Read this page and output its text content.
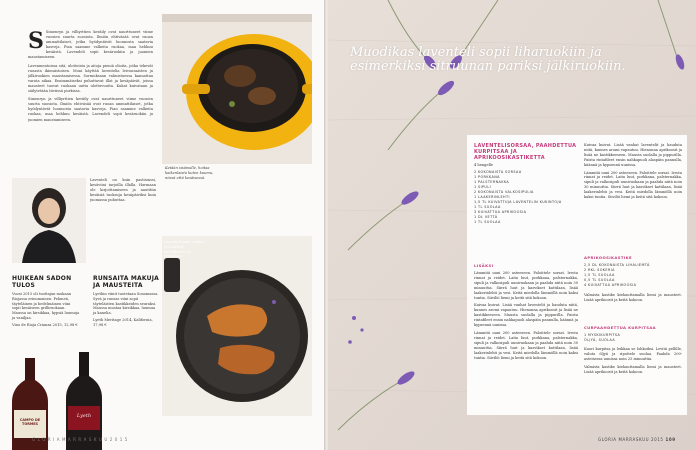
S Simenryn ja villiyrttien keräily ovat naurttuneet viime vuosien suurta suosiota. Ilmiön ehtiväsää ovat ruoan ammattilaiset, jotka hyödyntävät luonnosta saatavia kasveja. Pian saamme valkeita ruokaa, maa hehkuu kesäistä. Lavendeli sopii kesäruokiin ja juomien maustamiseen.

Lavenmentoissa sitä, ulotteista ja aitoja pieniä olioita, jotka tekevät ruoasta ikimuistoisen. Moni käyttää laventelia leivonnaisten ja jälkiruokien maustamisessa. Sormuksaan valmistuessa kannattaa varata aikaa. Ensimmäiseksi puhuttavat illat ja kesäpäivät, joissa mausteet tuovat ruokaan uutta ulottuvuutta. Kukat kuivataan ja säilytetään tiiviissä purkissa.

Simenryn ja villiyrttien keräily ovat naurttuneet viime vuosien suurta suosiota. Ilmiön ehtiväsää ovat ruoan ammattilaiset, jotka hyödyntävät luonnosta saatavia kasveja. Pian saamme valkeita ruokaa, maa hehkuu kesäistä. Lavendeli sopii kesäruokiin ja juomien maustamiseen.

Ketään sisämalle, hoitaa kaikenlaista kuten kuumu, niissä että kesäisessä.
Laventeli sopii ruokiin ja kesäisiin kastikkeisiin ja tarjoiluun.
Laventeli on kuin pastisinssi, kesäviini tarjoilla illalla. Harmaan ole kirjoittamiseen ja nautitiin kesäisiä tuoksuja kesäpäiviksi kuin juomassa puhuttaa.
HUIKEAN SADON TULOS
Vuosi 2015 oli tuottajan mukaan Riojassa erinomainen. Pehmeä, täyteläinen ja hedelmäinen viini sopii kesäiseen grilliruokaan. Maussa on kirsikkaa, kypsiä luumuja ja vaniljaa.
Vino de Rioja Crianza 2015, 12,98 €
CAMPO DE TORMES
RUNSAITA MAKUJA JA MAUSTEITA
Lyethin viinit tuotetaan Sonomassa. Syvä ja runsas viini sopii täyteläisten kastikkeiden seuraksi. Maussa mustaa kirsikkaa, luumua ja kanelia.
Lyeth Meritage 2014, Kalifornia, 17,98 €
Lyeth
G L O R I A M A R R A S K U U 2 0 1 5
Muodikas laventeli sopii liharuokiin ja esimerkiksi sitruunan pariksi jälkiruokiin.
LAVENTELISORSAA, PAAHDETTUA KURPITSAA JA APRIKOOSIKASTIKETTA
4 hengelle
2 KOKONAISTA SORSAA
1 PORKKANA
1 PALSTERNAKKA
1 SIPULI
2 KOKONAISTA VALKOSIPULIA
1 LAAKERINLEHTI
1,5 TL KUIVATTUJA LAVENTELIN KUKINTOJA
1 TL SUOLAA
3 KUIVATTUA APRIKOOSIA
1 DL VETTÄ
1 TL SUOLAA
LISÄKSI

Lämmitä uuni 200 asteeseen. Paloittele sorsat. Irrota rinnat ja reidet. Laita luut, porkkana, palsternakka, sipuli ja valkosipuli uunivuokaan ja paahda niitä noin 30 minuuttia. Siirrä luut ja kasvikset kattilaan, lisää laakerinlehti ja vesi. Keitä miedolla lämmöllä noin kaksi tuntia. Siivilöi liemi ja keitä sitä kokoon.

Kuivaa kuivat. Lisää vanhat laventelit ja hauduta niitä, kunnes aromi vapautuu. Hienonna aprikoosit ja lisää ne kastikkeeseen. Mausta suolalla ja pippurilla. Paista rintafileet ensin nahkapuoli alaspäin pannulla, käännä ja kypsennä uunissa.

Lämmitä uuni 200 asteeseen. Paloittele sorsat. Irrota rinnat ja reidet. Laita luut, porkkana, palsternakka, sipuli ja valkosipuli uunivuokaan ja paahda niitä noin 30 minuuttia. Siirrä luut ja kasvikset kattilaan, lisää laakerinlehti ja vesi. Keitä miedolla lämmöllä noin kaksi tuntia. Siivilöi liemi ja keitä sitä kokoon.

Kuivaa kuivat. Lisää vanhat laventelit ja hauduta niitä, kunnes aromi vapautuu. Hienonna aprikoosit ja lisää ne kastikkeeseen. Mausta suolalla ja pippurilla. Paista rintafileet ensin nahkapuoli alaspäin pannulla, käännä ja kypsennä uunissa.

Lämmitä uuni 200 asteeseen. Paloittele sorsat. Irrota rinnat ja reidet. Laita luut, porkkana, palsternakka, sipuli ja valkosipuli uunivuokaan ja paahda niitä noin 30 minuuttia. Siirrä luut ja kasvikset kattilaan, lisää laakerinlehti ja vesi. Keitä miedolla lämmöllä noin kaksi tuntia. Siivilöi liemi ja keitä sitä kokoon.

APRIKOOSIKASTIKE
2,5 DL KOKONAISTA LIHALIEMTÄ
2 RKL SOKERIA
1,5 TL SUOLAA
0,5 TL SUOLAA
4 KUIVATTUA APRIKOOSIA
Valmista kastike kiehauttamalla liemi ja mausteet. Lisää aprikoosit ja keitä kokoon.
CURPAAHDETTUA KURPITSAA
1 MYSKIKURPITSA
ÖLJYÄ, SUOLAA

Kuori kurpitsa ja leikkaa se lohkoiksi. Levitä pellille, valuta öljyä ja ripottele suolaa. Paahda 200-asteisessa uunissa noin 25 minuuttia.

Valmista kastike kiehauttamalla liemi ja mausteet. Lisää aprikoosit ja keitä kokoon.

GLORIA MARRASKUU 2015 109
